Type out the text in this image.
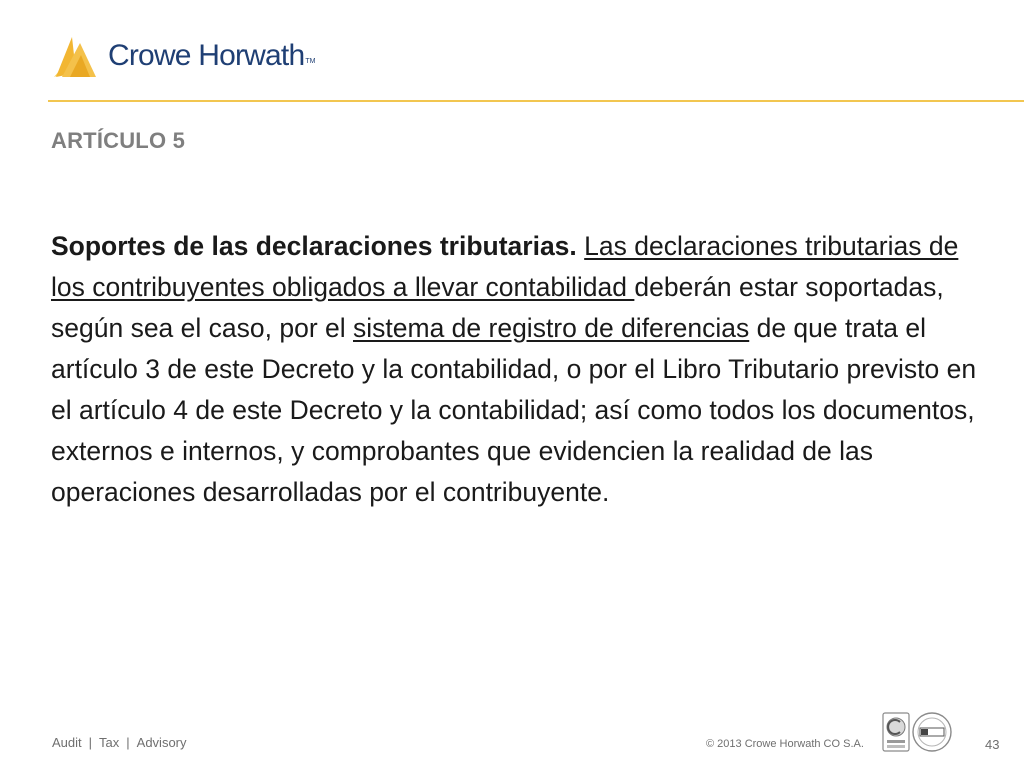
Crowe Horwath TM
ARTÍCULO 5

Soportes de las declaraciones tributarias. Las declaraciones tributarias de los contribuyentes obligados a llevar contabilidad deberán estar soportadas, según sea el caso, por el sistema de registro de diferencias de que trata el artículo 3 de este Decreto y la contabilidad, o por el Libro Tributario previsto en el artículo 4 de este Decreto y la contabilidad; así como todos los documentos, externos e internos, y comprobantes que evidencien la realidad de las operaciones desarrolladas por el contribuyente.

Audit | Tax | Advisory	© 2013 Crowe Horwath CO S.A.	43
